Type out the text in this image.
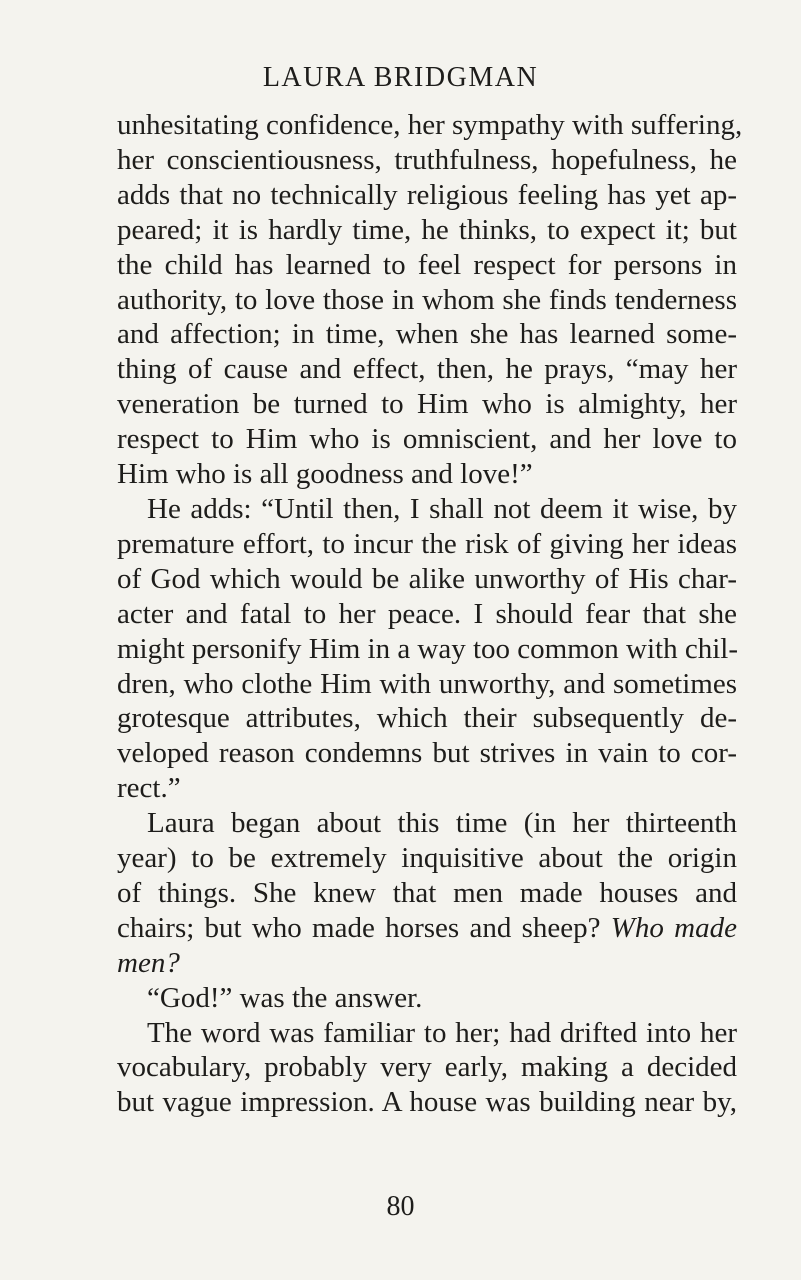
LAURA BRIDGMAN
unhesitating confidence, her sympathy with suffering,
her conscientiousness, truthfulness, hopefulness, he
adds that no technically religious feeling has yet ap-
peared; it is hardly time, he thinks, to expect it; but
the child has learned to feel respect for persons in
authority, to love those in whom she finds tenderness
and affection; in time, when she has learned some-
thing of cause and effect, then, he prays, “may her
veneration be turned to Him who is almighty, her
respect to Him who is omniscient, and her love to
Him who is all goodness and love!”
He adds: “Until then, I shall not deem it wise, by
premature effort, to incur the risk of giving her ideas
of God which would be alike unworthy of His char-
acter and fatal to her peace. I should fear that she
might personify Him in a way too common with chil-
dren, who clothe Him with unworthy, and sometimes
grotesque attributes, which their subsequently de-
veloped reason condemns but strives in vain to cor-
rect.”
Laura began about this time (in her thirteenth
year) to be extremely inquisitive about the origin
of things. She knew that men made houses and
chairs; but who made horses and sheep? Who made
men?
“God!” was the answer.
The word was familiar to her; had drifted into her
vocabulary, probably very early, making a decided
but vague impression. A house was building near by,
80
